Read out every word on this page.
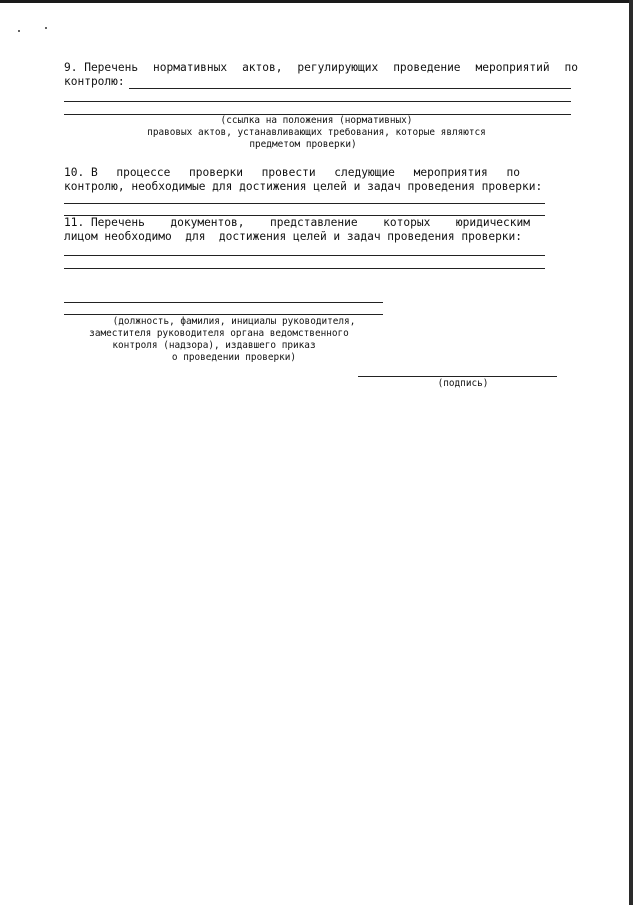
9. Перечень нормативных актов, регулирующих проведение мероприятий по
контролю:
(ссылка на положения (нормативных)
правовых актов, устанавливающих требования, которые являются
предметом проверки)
10. В процессе проверки провести следующие мероприятия по
контролю, необходимые для достижения целей и задач проведения проверки:
11. Перечень документов, представление которых юридическим
лицом необходимо  для  достижения целей и задач проведения проверки:
(должность, фамилия, инициалы руководителя,
заместителя руководителя органа ведомственного
контроля (надзора), издавшего приказ
о проведении проверки)
(подпись)
